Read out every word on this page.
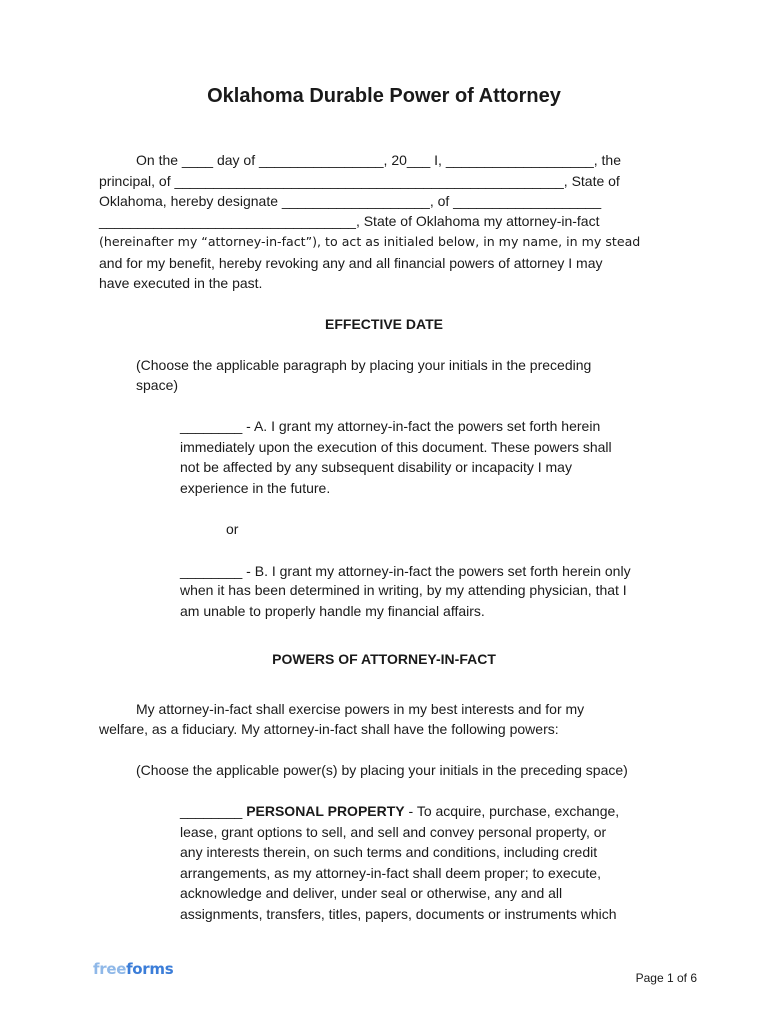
Oklahoma Durable Power of Attorney
On the ____ day of ________________, 20___ I, ___________________, the
principal, of __________________________________________________, State of
Oklahoma, hereby designate ___________________, of ___________________
_________________________________, State of Oklahoma my attorney-in-fact
(hereinafter my “attorney-in-fact”), to act as initialed below, in my name, in my stead
and for my benefit, hereby revoking any and all financial powers of attorney I may
have executed in the past.
EFFECTIVE DATE
(Choose the applicable paragraph by placing your initials in the preceding
space)
________ - A. I grant my attorney-in-fact the powers set forth herein
immediately upon the execution of this document. These powers shall
not be affected by any subsequent disability or incapacity I may
experience in the future.
or
________ - B. I grant my attorney-in-fact the powers set forth herein only
when it has been determined in writing, by my attending physician, that I
am unable to properly handle my financial affairs.
POWERS OF ATTORNEY-IN-FACT
My attorney-in-fact shall exercise powers in my best interests and for my
welfare, as a fiduciary. My attorney-in-fact shall have the following powers:
(Choose the applicable power(s) by placing your initials in the preceding space)
________ PERSONAL PROPERTY - To acquire, purchase, exchange,
lease, grant options to sell, and sell and convey personal property, or
any interests therein, on such terms and conditions, including credit
arrangements, as my attorney-in-fact shall deem proper; to execute,
acknowledge and deliver, under seal or otherwise, any and all
assignments, transfers, titles, papers, documents or instruments which
freeforms	Page 1 of 6
